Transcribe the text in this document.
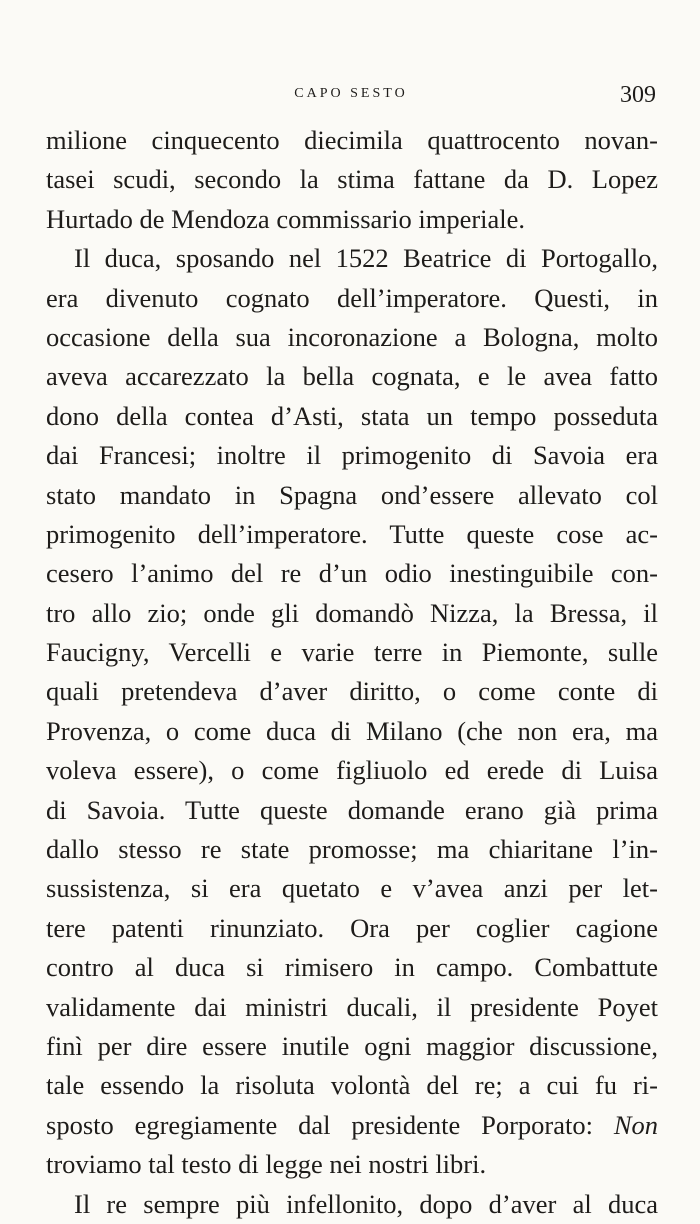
CAPO SESTO	309
milione cinquecento diecimila quattrocento novan-
tasei scudi, secondo la stima fattane da D. Lopez
Hurtado de Mendoza commissario imperiale.
Il duca, sposando nel 1522 Beatrice di Portogallo,
era divenuto cognato dell’imperatore. Questi, in
occasione della sua incoronazione a Bologna, molto
aveva accarezzato la bella cognata, e le avea fatto
dono della contea d’Asti, stata un tempo posseduta
dai Francesi; inoltre il primogenito di Savoia era
stato mandato in Spagna ond’essere allevato col
primogenito dell’imperatore. Tutte queste cose ac-
cesero l’animo del re d’un odio inestinguibile con-
tro allo zio; onde gli domandò Nizza, la Bressa, il
Faucigny, Vercelli e varie terre in Piemonte, sulle
quali pretendeva d’aver diritto, o come conte di
Provenza, o come duca di Milano (che non era, ma
voleva essere), o come figliuolo ed erede di Luisa
di Savoia. Tutte queste domande erano già prima
dallo stesso re state promosse; ma chiaritane l’in-
sussistenza, si era quetato e v’avea anzi per let-
tere patenti rinunziato. Ora per coglier cagione
contro al duca si rimisero in campo. Combattute
validamente dai ministri ducali, il presidente Poyet
finì per dire essere inutile ogni maggior discussione,
tale essendo la risoluta volontà del re; a cui fu ri-
sposto egregiamente dal presidente Porporato: Non
troviamo tal testo di legge nei nostri libri.
Il re sempre più infellonito, dopo d’aver al duca
